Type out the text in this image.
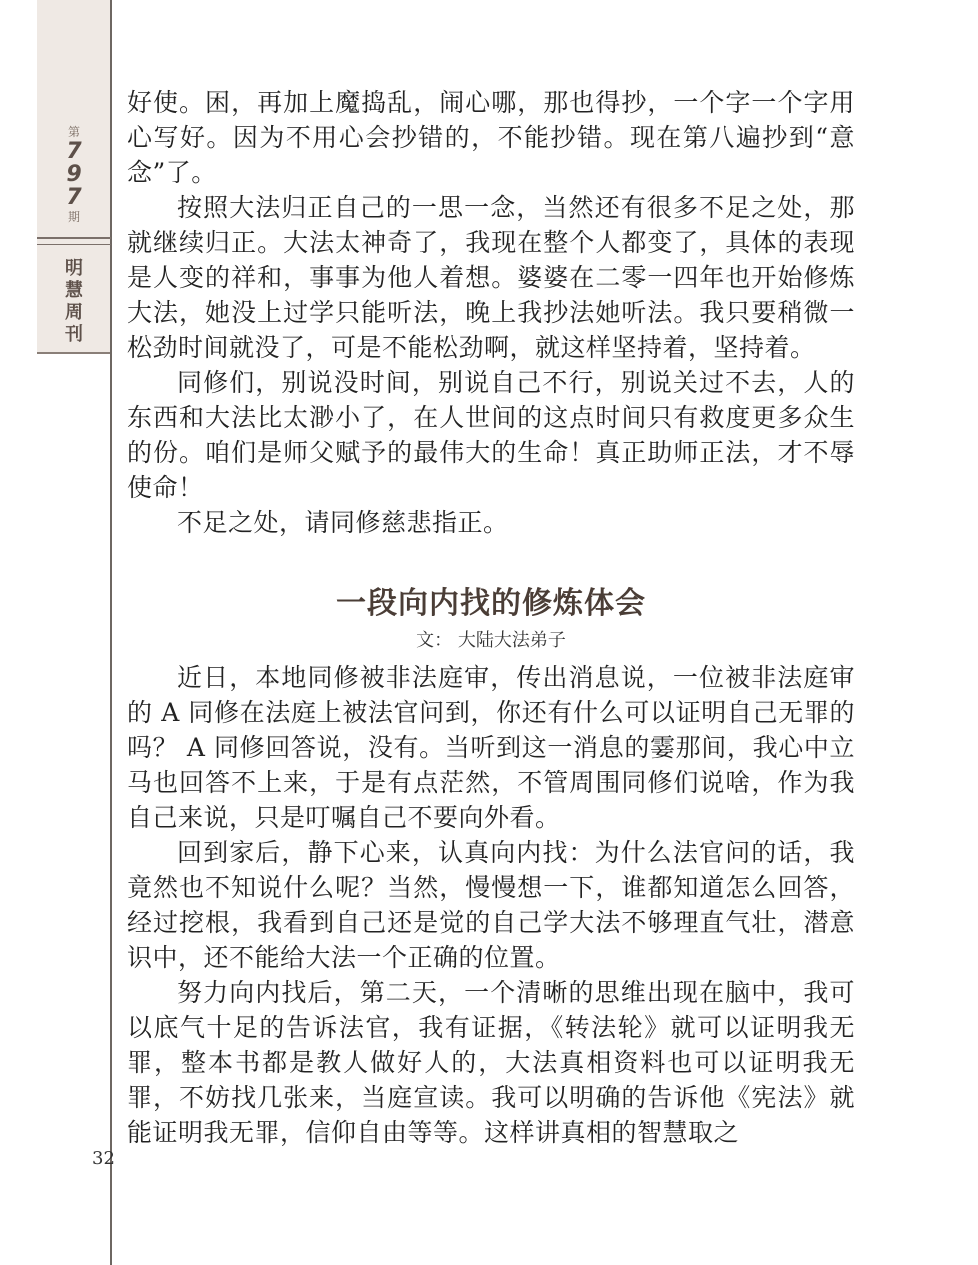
第
7
9
7
期
明
慧
周
刊
32

好使。困，再加上魔捣乱，闹心哪，那也得抄，一个字一个字用心写好。因为不用心会抄错的，不能抄错。现在第八遍抄到“意念”了。

按照大法归正自己的一思一念，当然还有很多不足之处，那就继续归正。大法太神奇了，我现在整个人都变了，具体的表现是人变的祥和，事事为他人着想。婆婆在二零一四年也开始修炼大法，她没上过学只能听法，晚上我抄法她听法。我只要稍微一松劲时间就没了，可是不能松劲啊，就这样坚持着，坚持着。

同修们，别说没时间，别说自己不行，别说关过不去，人的东西和大法比太渺小了，在人世间的这点时间只有救度更多众生的份。咱们是师父赋予的最伟大的生命！真正助师正法，才不辱使命！

不足之处，请同修慈悲指正。

一段向内找的修炼体会
文： 大陆大法弟子

近日，本地同修被非法庭审，传出消息说，一位被非法庭审的 A 同修在法庭上被法官问到，你还有什么可以证明自己无罪的吗？ A 同修回答说，没有。当听到这一消息的霎那间，我心中立马也回答不上来，于是有点茫然，不管周围同修们说啥，作为我自己来说，只是叮嘱自己不要向外看。

回到家后，静下心来，认真向内找：为什么法官问的话，我竟然也不知说什么呢？当然，慢慢想一下，谁都知道怎么回答，经过挖根，我看到自己还是觉的自己学大法不够理直气壮，潜意识中，还不能给大法一个正确的位置。

努力向内找后，第二天，一个清晰的思维出现在脑中，我可以底气十足的告诉法官，我有证据，《转法轮》就可以证明我无罪，整本书都是教人做好人的，大法真相资料也可以证明我无罪，不妨找几张来，当庭宣读。我可以明确的告诉他《宪法》就能证明我无罪，信仰自由等等。这样讲真相的智慧取之
